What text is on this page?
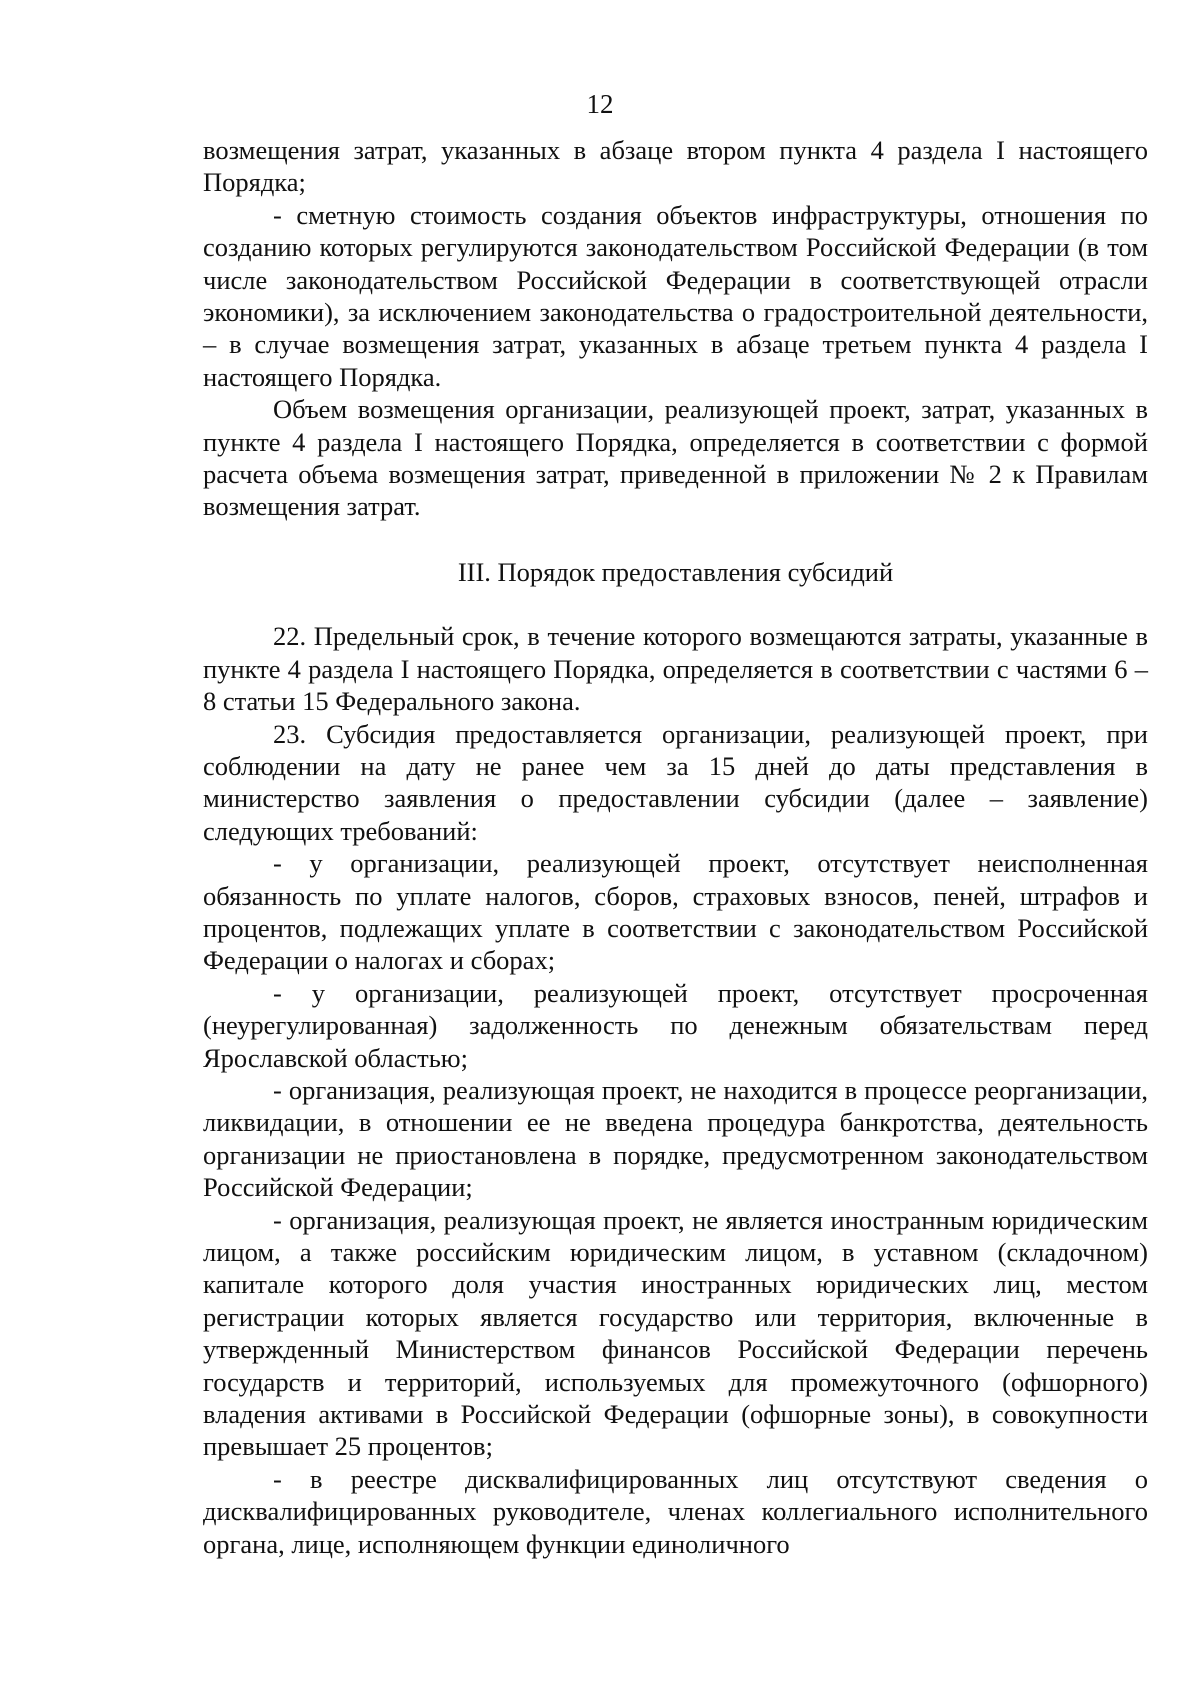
12

возмещения затрат, указанных в абзаце втором пункта 4 раздела I настоящего Порядка;

- сметную стоимость создания объектов инфраструктуры, отношения по созданию которых регулируются законодательством Российской Федерации (в том числе законодательством Российской Федерации в соответствующей отрасли экономики), за исключением законодательства о градостроительной деятельности, – в случае возмещения затрат, указанных в абзаце третьем пункта 4 раздела I настоящего Порядка.

Объем возмещения организации, реализующей проект, затрат, указанных в пункте 4 раздела I настоящего Порядка, определяется в соответствии с формой расчета объема возмещения затрат, приведенной в приложении № 2 к Правилам возмещения затрат.

III. Порядок предоставления субсидий

22. Предельный срок, в течение которого возмещаются затраты, указанные в пункте 4 раздела I настоящего Порядка, определяется в соответствии с частями 6 – 8 статьи 15 Федерального закона.

23. Субсидия предоставляется организации, реализующей проект, при соблюдении на дату не ранее чем за 15 дней до даты представления в министерство заявления о предоставлении субсидии (далее – заявление) следующих требований:

- у организации, реализующей проект, отсутствует неисполненная обязанность по уплате налогов, сборов, страховых взносов, пеней, штрафов и процентов, подлежащих уплате в соответствии с законодательством Российской Федерации о налогах и сборах;

- у организации, реализующей проект, отсутствует просроченная (неурегулированная) задолженность по денежным обязательствам перед Ярославской областью;

- организация, реализующая проект, не находится в процессе реорганизации, ликвидации, в отношении ее не введена процедура банкротства, деятельность организации не приостановлена в порядке, предусмотренном законодательством Российской Федерации;

- организация, реализующая проект, не является иностранным юридическим лицом, а также российским юридическим лицом, в уставном (складочном) капитале которого доля участия иностранных юридических лиц, местом регистрации которых является государство или территория, включенные в утвержденный Министерством финансов Российской Федерации перечень государств и территорий, используемых для промежуточного (офшорного) владения активами в Российской Федерации (офшорные зоны), в совокупности превышает 25 процентов;

- в реестре дисквалифицированных лиц отсутствуют сведения о дисквалифицированных руководителе, членах коллегиального исполнительного органа, лице, исполняющем функции единоличного
